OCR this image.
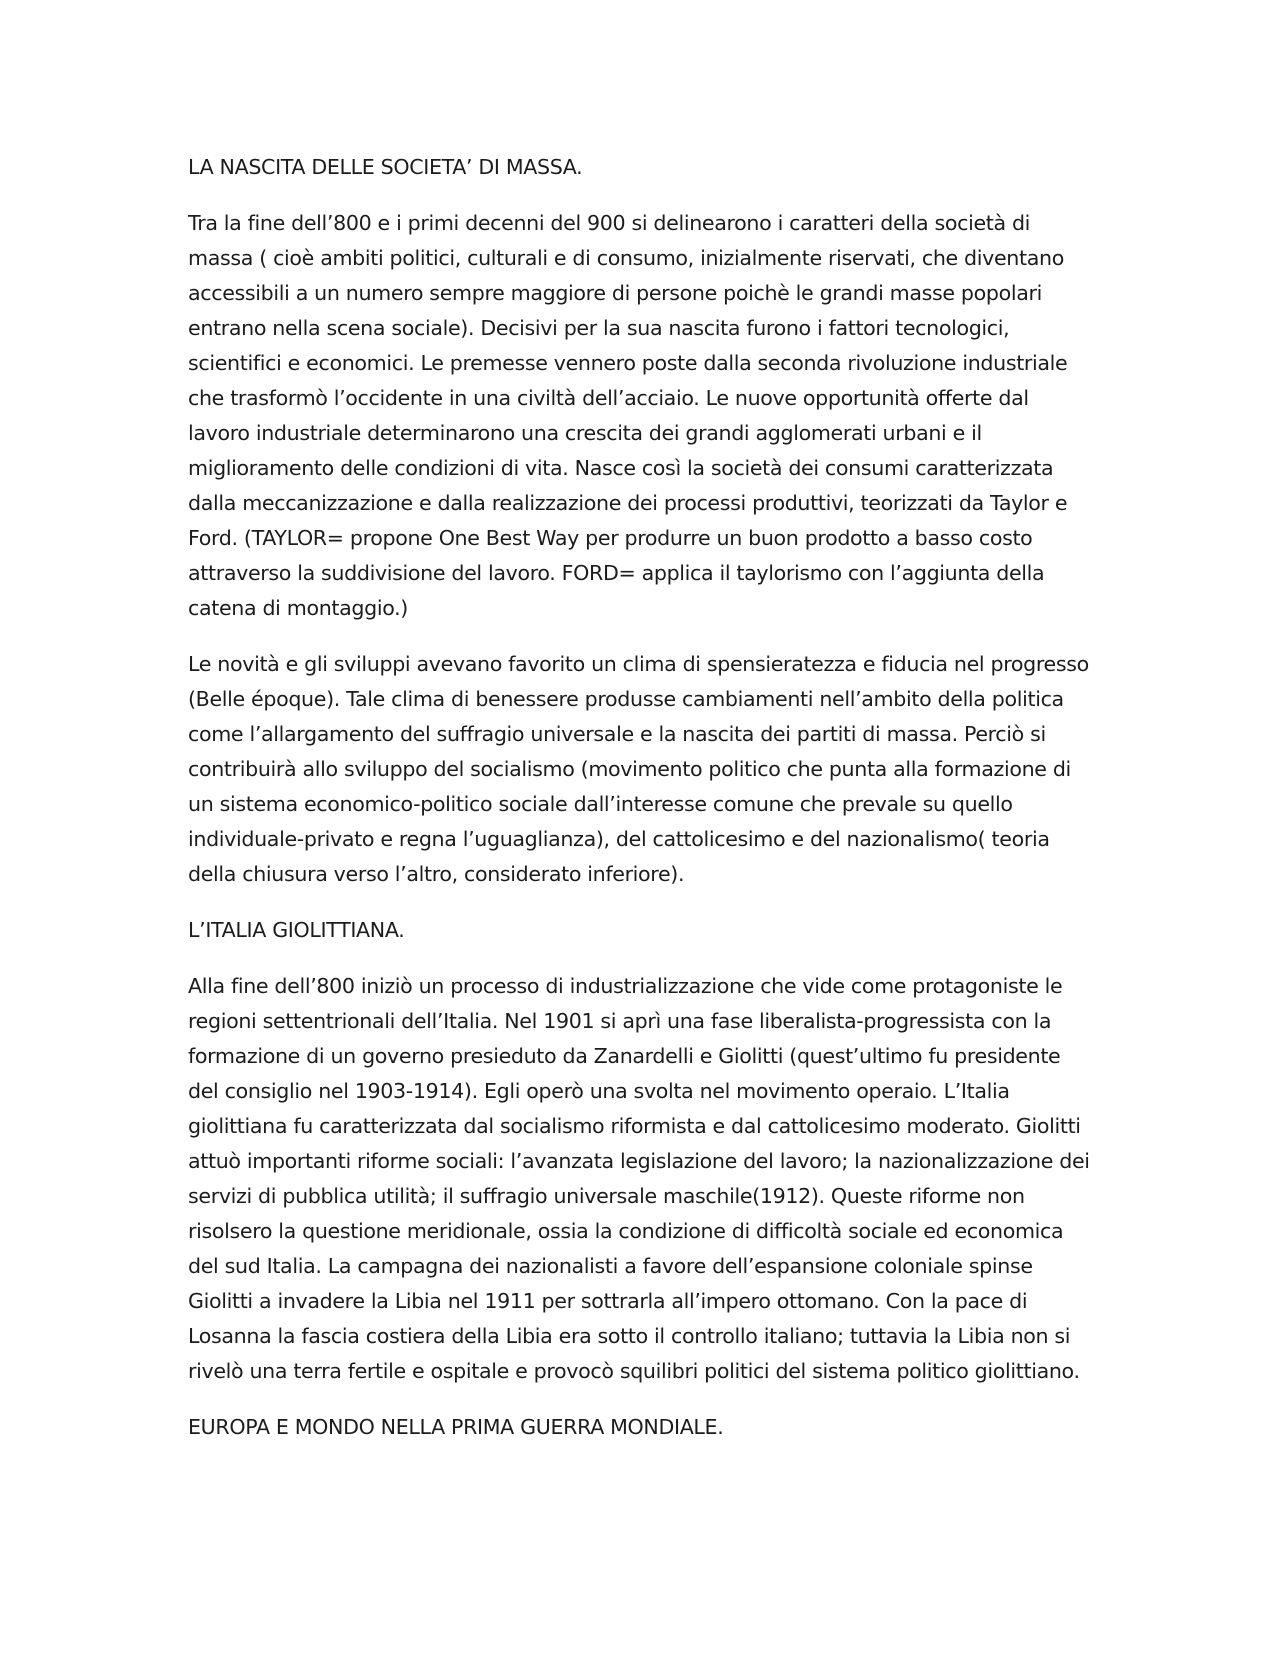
LA NASCITA DELLE SOCIETA’ DI MASSA.

Tra la fine dell’800 e i primi decenni del 900 si delinearono i caratteri della società di massa ( cioè ambiti politici, culturali e di consumo, inizialmente riservati, che diventano accessibili a un numero sempre maggiore di persone poichè le grandi masse popolari entrano nella scena sociale). Decisivi per la sua nascita furono i fattori tecnologici, scientifici e economici. Le premesse vennero poste dalla seconda rivoluzione industriale che trasformò l’occidente in una civiltà dell’acciaio. Le nuove opportunità offerte dal lavoro industriale determinarono una crescita dei grandi agglomerati urbani e il miglioramento delle condizioni di vita. Nasce così la società dei consumi caratterizzata dalla meccanizzazione e dalla realizzazione dei processi produttivi, teorizzati da Taylor e Ford. (TAYLOR= propone One Best Way per produrre un buon prodotto a basso costo attraverso la suddivisione del lavoro. FORD= applica il taylorismo con l’aggiunta della catena di montaggio.)

Le novità e gli sviluppi avevano favorito un clima di spensieratezza e fiducia nel progresso (Belle époque). Tale clima di benessere produsse cambiamenti nell’ambito della politica come l’allargamento del suffragio universale e la nascita dei partiti di massa. Perciò si contribuirà allo sviluppo del socialismo (movimento politico che punta alla formazione di un sistema economico-politico sociale dall’interesse comune che prevale su quello individuale-privato e regna l’uguaglianza), del cattolicesimo e del nazionalismo( teoria della chiusura verso l’altro, considerato inferiore).

L’ITALIA GIOLITTIANA.

Alla fine dell’800 iniziò un processo di industrializzazione che vide come protagoniste le regioni settentrionali dell’Italia. Nel 1901 si aprì una fase liberalista-progressista con la formazione di un governo presieduto da Zanardelli e Giolitti (quest’ultimo fu presidente del consiglio nel 1903-1914). Egli operò una svolta nel movimento operaio. L’Italia giolittiana fu caratterizzata dal socialismo riformista e dal cattolicesimo moderato. Giolitti attuò importanti riforme sociali: l’avanzata legislazione del lavoro; la nazionalizzazione dei servizi di pubblica utilità; il suffragio universale maschile(1912). Queste riforme non risolsero la questione meridionale, ossia la condizione di difficoltà sociale ed economica del sud Italia. La campagna dei nazionalisti a favore dell’espansione coloniale spinse Giolitti a invadere la Libia nel 1911 per sottrarla all’impero ottomano. Con la pace di Losanna la fascia costiera della Libia era sotto il controllo italiano; tuttavia la Libia non si rivelò una terra fertile e ospitale e provocò squilibri politici del sistema politico giolittiano.

EUROPA E MONDO NELLA PRIMA GUERRA MONDIALE.
